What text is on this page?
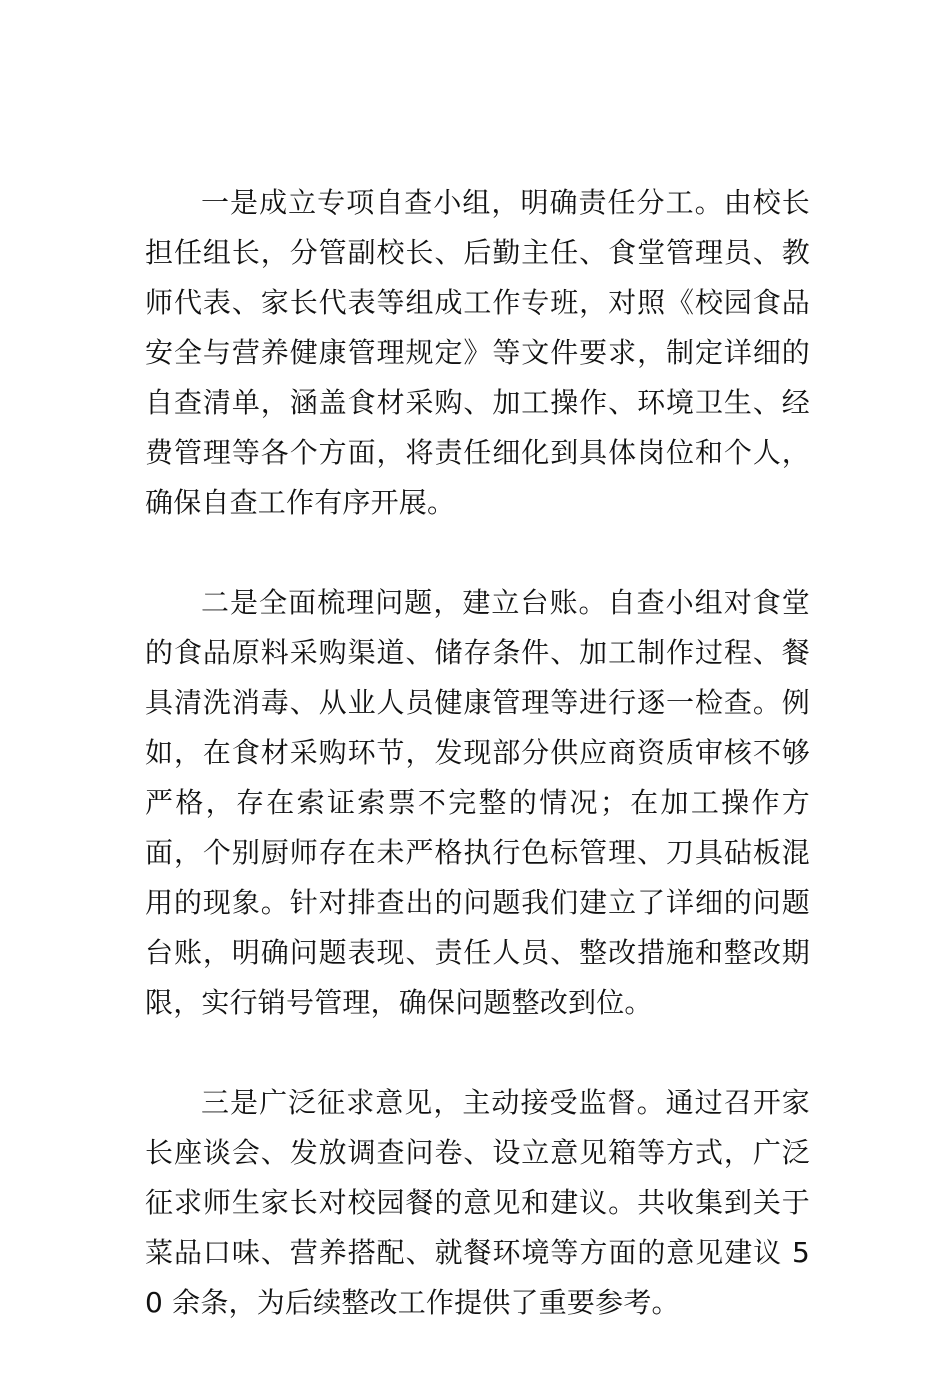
一是成立专项自查小组，明确责任分工。由校长担任组长，分管副校长、后勤主任、食堂管理员、教师代表、家长代表等组成工作专班，对照《校园食品安全与营养健康管理规定》等文件要求，制定详细的自查清单，涵盖食材采购、加工操作、环境卫生、经费管理等各个方面，将责任细化到具体岗位和个人，确保自查工作有序开展。

二是全面梳理问题，建立台账。自查小组对食堂的食品原料采购渠道、储存条件、加工制作过程、餐具清洗消毒、从业人员健康管理等进行逐一检查。例如，在食材采购环节，发现部分供应商资质审核不够严格，存在索证索票不完整的情况；在加工操作方面，个别厨师存在未严格执行色标管理、刀具砧板混用的现象。针对排查出的问题我们建立了详细的问题台账，明确问题表现、责任人员、整改措施和整改期限，实行销号管理，确保问题整改到位。

三是广泛征求意见，主动接受监督。通过召开家长座谈会、发放调查问卷、设立意见箱等方式，广泛征求师生家长对校园餐的意见和建议。共收集到关于菜品口味、营养搭配、就餐环境等方面的意见建议 50 余条，为后续整改工作提供了重要参考。
